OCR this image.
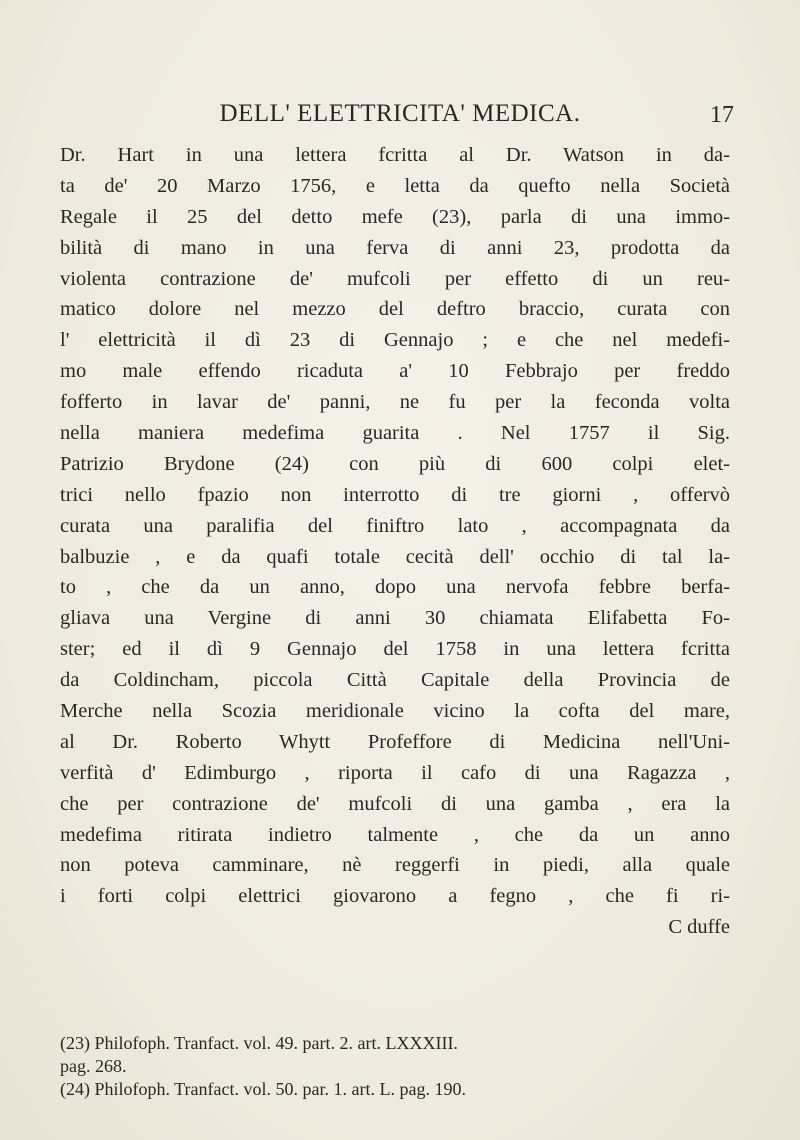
DELL' ELETTRICITA' MEDICA.	17
Dr. Hart in una lettera fcritta al Dr. Watson in da-
ta de' 20 Marzo 1756, e letta da quefto nella Società
Regale il 25 del detto mefe (23), parla di una immo-
bilità di mano in una ferva di anni 23, prodotta da
violenta contrazione de' mufcoli per effetto di un reu-
matico dolore nel mezzo del deftro braccio, curata con
l' elettricità il dì 23 di Gennajo ; e che nel medefi-
mo male effendo ricaduta a' 10 Febbrajo per freddo
fofferto in lavar de' panni, ne fu per la feconda volta
nella maniera medefima guarita . Nel 1757 il Sig.
Patrizio Brydone (24) con più di 600 colpi elet-
trici nello fpazio non interrotto di tre giorni , offervò
curata una paralifia del finiftro lato , accompagnata da
balbuzie , e da quafi totale cecità dell' occhio di tal la-
to , che da un anno, dopo una nervofa febbre berfa-
gliava una Vergine di anni 30 chiamata Elifabetta Fo-
ster; ed il dì 9 Gennajo del 1758 in una lettera fcritta
da Coldincham, piccola Città Capitale della Provincia de
Merche nella Scozia meridionale vicino la cofta del mare,
al Dr. Roberto Whytt Profeffore di Medicina nell'Uni-
verfità d' Edimburgo , riporta il cafo di una Ragazza ,
che per contrazione de' mufcoli di una gamba , era la
medefima ritirata indietro talmente , che da un anno
non poteva camminare, nè reggerfi in piedi, alla quale
i forti colpi elettrici giovarono a fegno , che fi ri-
C duffe
(23) Philofoph. Tranfact. vol. 49. part. 2. art. LXXXIII.
pag. 268.
(24) Philofoph. Tranfact. vol. 50. par. 1. art. L. pag. 190.
